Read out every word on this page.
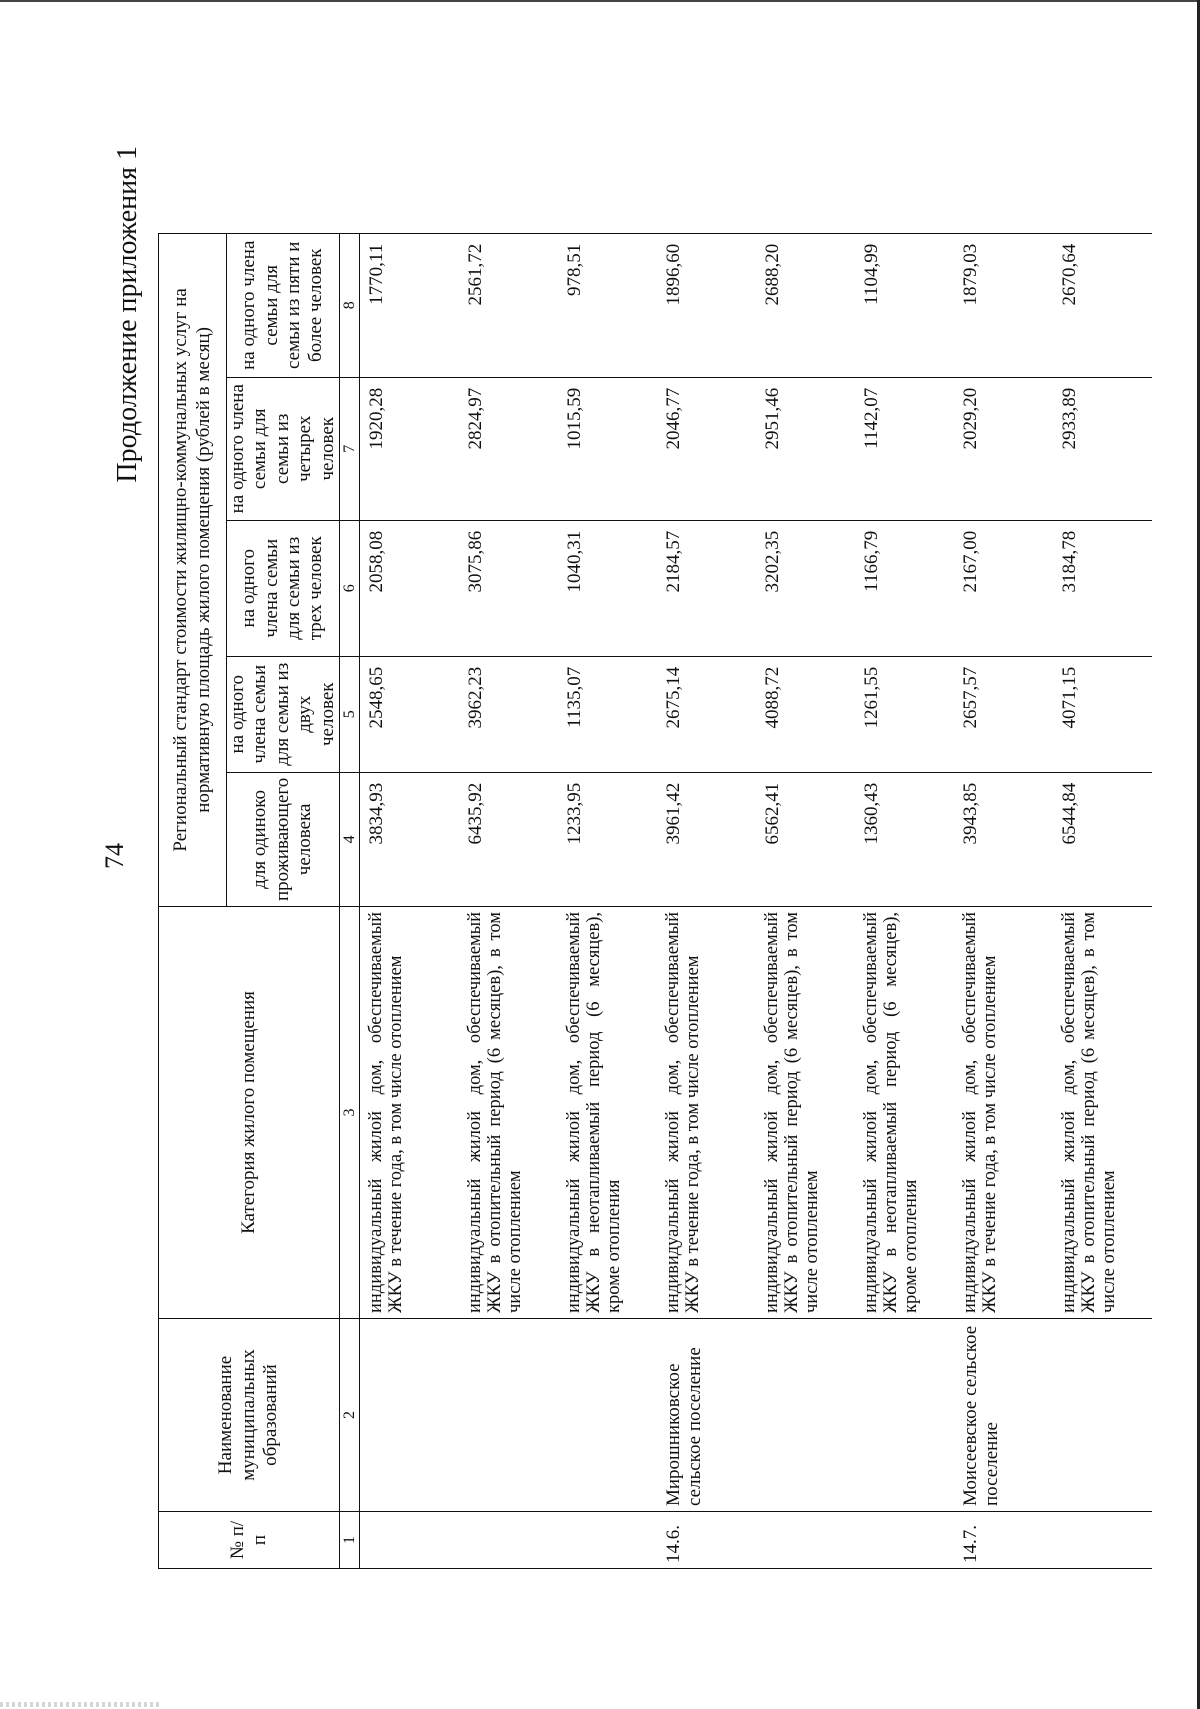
74
Продолжение приложения 1
№ п/п	Наименование муниципальных образований	Категория жилого помещения	Региональный стандарт стоимости жилищно-коммунальных услуг на нормативную площадь жилого помещения (рублей в месяц)				
			для одиноко проживающего человека	на одного члена семьи для семьи из двух человек	на одного члена семьи для семьи из трех человек	на одного члена семьи для семьи из четырех человек	на одного члена семьи для семьи из пяти и более человек
1	2	3	4	5	6	7	8
		индивидуальный жилой дом, обеспечиваемый ЖКУ в течение года, в том числе отоплением	3834,93	2548,65	2058,08	1920,28	1770,11
		индивидуальный жилой дом, обеспечиваемый ЖКУ в отопительный период (6 месяцев), в том числе отоплением	6435,92	3962,23	3075,86	2824,97	2561,72
		индивидуальный жилой дом, обеспечиваемый ЖКУ в неотапливаемый период (6 месяцев), кроме отопления	1233,95	1135,07	1040,31	1015,59	978,51
14.6.	Мирошниковское сельское поселение	индивидуальный жилой дом, обеспечиваемый ЖКУ в течение года, в том числе отоплением	3961,42	2675,14	2184,57	2046,77	1896,60
		индивидуальный жилой дом, обеспечиваемый ЖКУ в отопительный период (6 месяцев), в том числе отоплением	6562,41	4088,72	3202,35	2951,46	2688,20
		индивидуальный жилой дом, обеспечиваемый ЖКУ в неотапливаемый период (6 месяцев), кроме отопления	1360,43	1261,55	1166,79	1142,07	1104,99
14.7.	Моисеевское сельское поселение	индивидуальный жилой дом, обеспечиваемый ЖКУ в течение года, в том числе отоплением	3943,85	2657,57	2167,00	2029,20	1879,03
		индивидуальный жилой дом, обеспечиваемый ЖКУ в отопительный период (6 месяцев), в том числе отоплением	6544,84	4071,15	3184,78	2933,89	2670,64
